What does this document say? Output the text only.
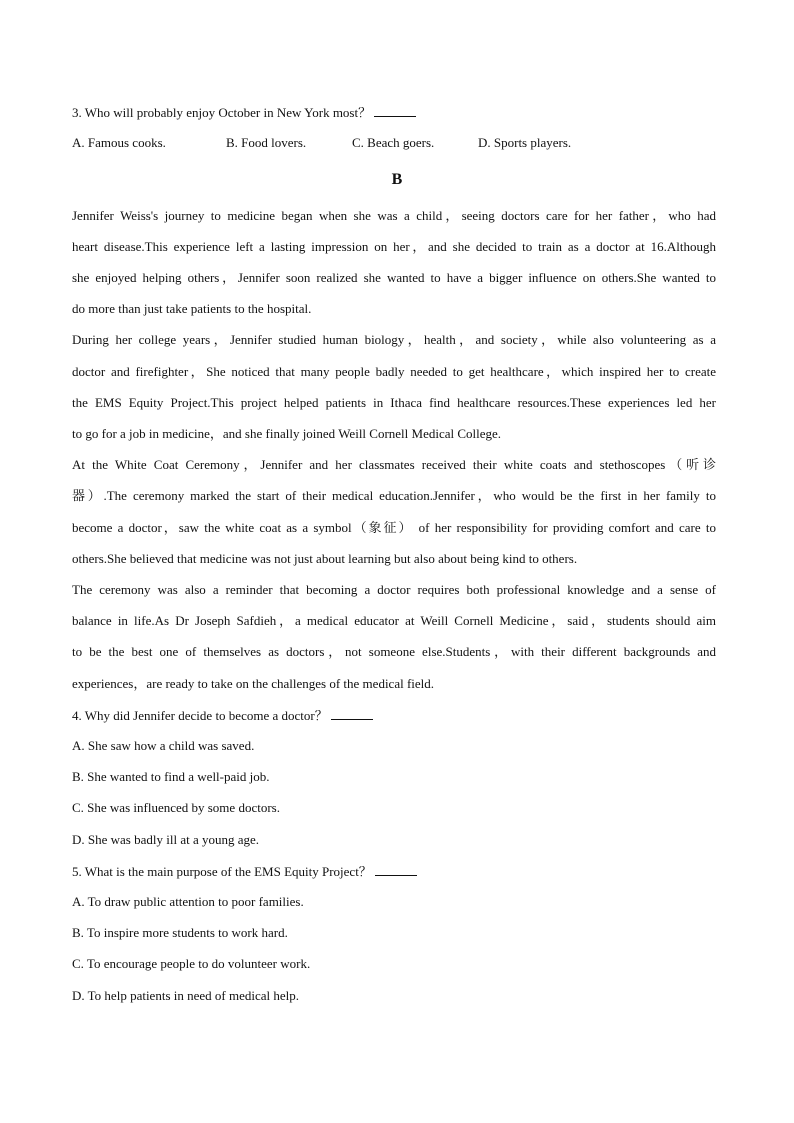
3. Who will probably enjoy October in New York most？
A. Famous cooks.	B. Food lovers.	C. Beach goers.	D. Sports players.
B
Jennifer Weiss's journey to medicine began when she was a child，seeing doctors care for her father，who had
heart disease.This experience left a lasting impression on her，and she decided to train as a doctor at 16.Although
she enjoyed helping others，Jennifer soon realized she wanted to have a bigger influence on others.She wanted to
do more than just take patients to the hospital.
During her college years，Jennifer studied human biology，health，and society，while also volunteering as a
doctor and firefighter，She noticed that many people badly needed to get healthcare，which inspired her to create
the EMS Equity Project.This project helped patients in Ithaca find healthcare resources.These experiences led her
to go for a job in medicine，and she finally joined Weill Cornell Medical College.
At the White Coat Ceremony，Jennifer and her classmates received their white coats and stethoscopes（听诊
器）.The ceremony marked the start of their medical education.Jennifer，who would be the first in her family to
become a doctor，saw the white coat as a symbol（象征） of her responsibility for providing comfort and care to
others.She believed that medicine was not just about learning but also about being kind to others.
The ceremony was also a reminder that becoming a doctor requires both professional knowledge and a sense of
balance in life.As Dr Joseph Safdieh，a medical educator at Weill Cornell Medicine，said，students should aim
to be the best one of themselves as doctors，not someone else.Students，with their different backgrounds and
experiences，are ready to take on the challenges of the medical field.
4. Why did Jennifer decide to become a doctor？
A. She saw how a child was saved.
B. She wanted to find a well-paid job.
C. She was influenced by some doctors.
D. She was badly ill at a young age.
5. What is the main purpose of the EMS Equity Project？
A. To draw public attention to poor families.
B. To inspire more students to work hard.
C. To encourage people to do volunteer work.
D. To help patients in need of medical help.
